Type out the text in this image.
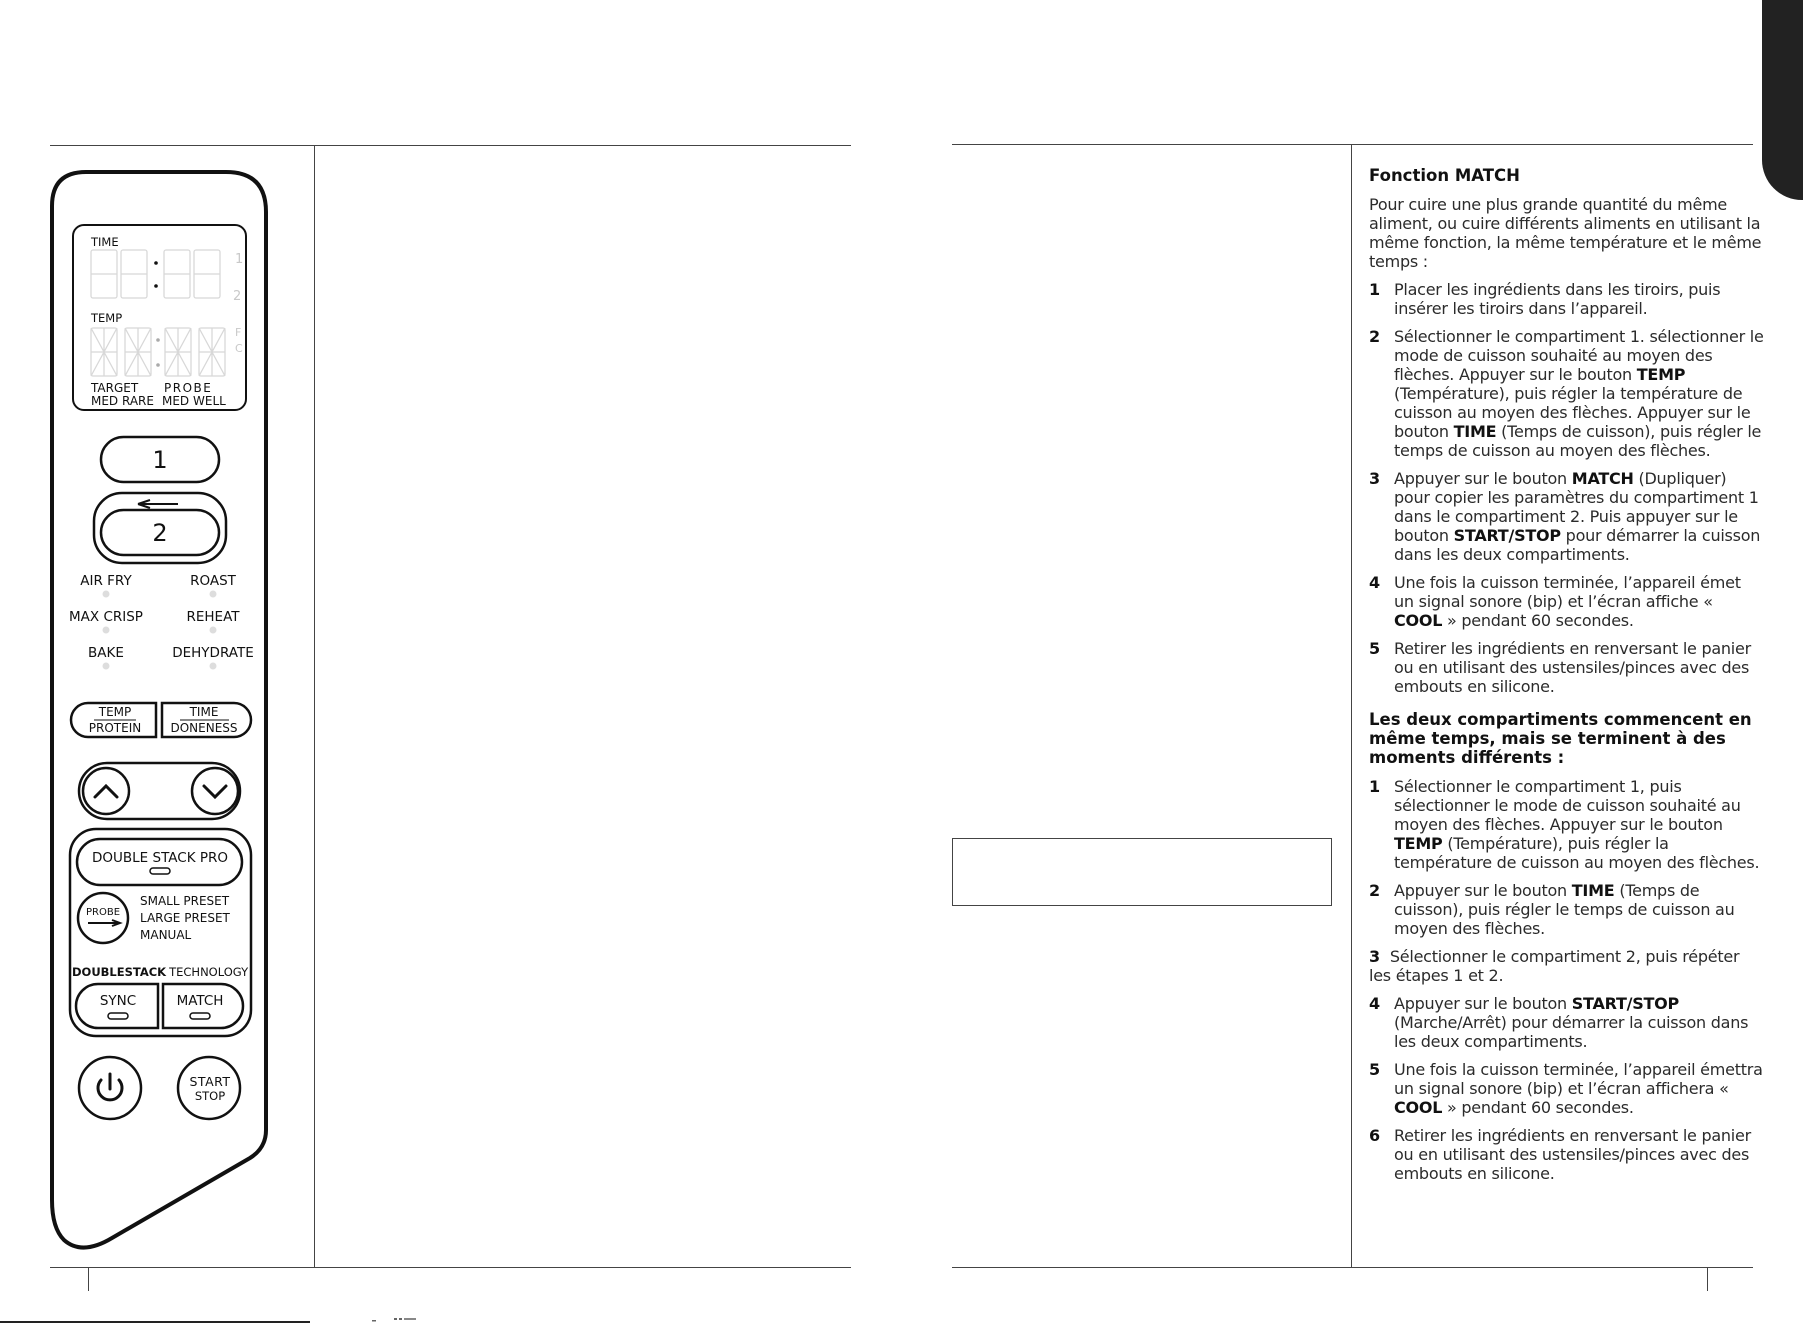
TIME
1
2
TEMP
F
C
TARGET PROBE
MED RARE MED WELL
1
2
AIR FRY	ROAST
MAX CRISP	REHEAT
BAKE	DEHYDRATE
TEMP
PROTEIN
TIME
DONENESS
DOUBLE STACK PRO
PROBE
SMALL PRESET
LARGE PRESET
MANUAL
DOUBLESTACK TECHNOLOGY
SYNC	MATCH
START
STOP
Fonction MATCH
Pour cuire une plus grande quantité du même aliment, ou cuire différents aliments en utilisant la même fonction, la même température et le même temps :
1 Placer les ingrédients dans les tiroirs, puis insérer les tiroirs dans l’appareil.
2 Sélectionner le compartiment 1. sélectionner le mode de cuisson souhaité au moyen des flèches. Appuyer sur le bouton TEMP (Température), puis régler la température de cuisson au moyen des flèches. Appuyer sur le bouton TIME (Temps de cuisson), puis régler le temps de cuisson au moyen des flèches.
3 Appuyer sur le bouton MATCH (Dupliquer) pour copier les paramètres du compartiment 1 dans le compartiment 2. Puis appuyer sur le bouton START/STOP pour démarrer la cuisson dans les deux compartiments.
4 Une fois la cuisson terminée, l’appareil émet un signal sonore (bip) et l’écran affiche « COOL » pendant 60 secondes.
5 Retirer les ingrédients en renversant le panier ou en utilisant des ustensiles/pinces avec des embouts en silicone.
Les deux compartiments commencent en même temps, mais se terminent à des moments différents :
1 Sélectionner le compartiment 1, puis sélectionner le mode de cuisson souhaité au moyen des flèches. Appuyer sur le bouton TEMP (Température), puis régler la température de cuisson au moyen des flèches.
2 Appuyer sur le bouton TIME (Temps de cuisson), puis régler le temps de cuisson au moyen des flèches.
3 Sélectionner le compartiment 2, puis répéter les étapes 1 et 2.
4 Appuyer sur le bouton START/STOP (Marche/Arrêt) pour démarrer la cuisson dans les deux compartiments.
5 Une fois la cuisson terminée, l’appareil émettra un signal sonore (bip) et l’écran affichera « COOL » pendant 60 secondes.
6 Retirer les ingrédients en renversant le panier ou en utilisant des ustensiles/pinces avec des embouts en silicone.
